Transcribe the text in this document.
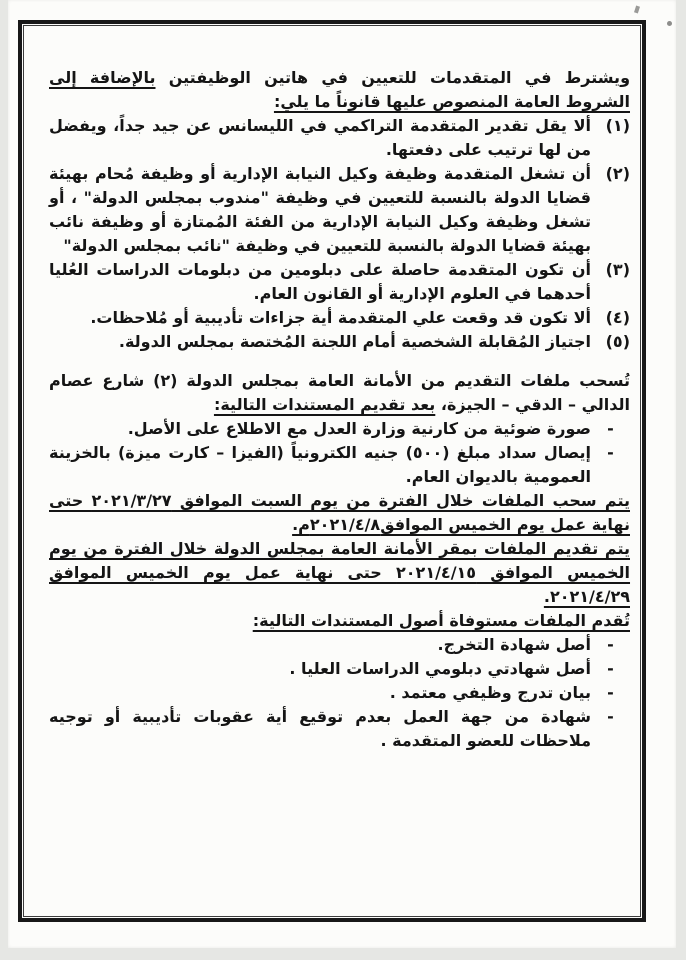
ويشترط في المتقدمات للتعيين في هاتين الوظيفتين بالإضافة إلى الشروط العامة المنصوص عليها قانوناً ما يلي:

(١)
ألا يقل تقدير المتقدمة التراكمي في الليسانس عن جيد جداً، ويفضل من لها ترتيب على دفعتها.
(٢)
أن تشغل المتقدمة وظيفة وكيل النيابة الإدارية أو وظيفة مُحام بهيئة قضايا الدولة بالنسبة للتعيين في وظيفة "مندوب بمجلس الدولة" ، أو تشغل وظيفة وكيل النيابة الإدارية من الفئة المُمتازة أو وظيفة نائب بهيئة قضايا الدولة بالنسبة للتعيين في وظيفة "نائب بمجلس الدولة"
(٣)
أن تكون المتقدمة حاصلة على دبلومين من دبلومات الدراسات العُليا أحدهما في العلوم الإدارية أو القانون العام.
(٤)
ألا تكون قد وقعت علي المتقدمة أية جزاءات تأديبية أو مُلاحظات.
(٥)
اجتياز المُقابلة الشخصية أمام اللجنة المُختصة بمجلس الدولة.

تُسحب ملفات التقديم من الأمانة العامة بمجلس الدولة (٢) شارع عصام الدالي – الدقي – الجيزة، بعد تقديم المستندات التالية:

-
صورة ضوئية من كارنية وزارة العدل مع الاطلاع على الأصل.
-
إيصال سداد مبلغ (٥٠٠) جنيه الكترونياً (الفيزا – كارت ميزة) بالخزينة العمومية بالديوان العام.

يتم سحب الملفات خلال الفترة من يوم السبت الموافق ٢٠٢١/٣/٢٧ حتى نهاية عمل يوم الخميس الموافق٢٠٢١/٤/٨م.

يتم تقديم الملفات بمقر الأمانة العامة بمجلس الدولة خلال الفترة من يوم الخميس الموافق ٢٠٢١/٤/١٥ حتى نهاية عمل يوم الخميس الموافق ٢٠٢١/٤/٢٩.

تُقدم الملفات مستوفاة أصول المستندات التالية:

-
أصل شهادة التخرج.
-
أصل شهادتي دبلومي الدراسات العليا .
-
بيان تدرج وظيفي معتمد .
-
شهادة من جهة العمل بعدم توقيع أية عقوبات تأديبية أو توجيه ملاحظات للعضو المتقدمة .
